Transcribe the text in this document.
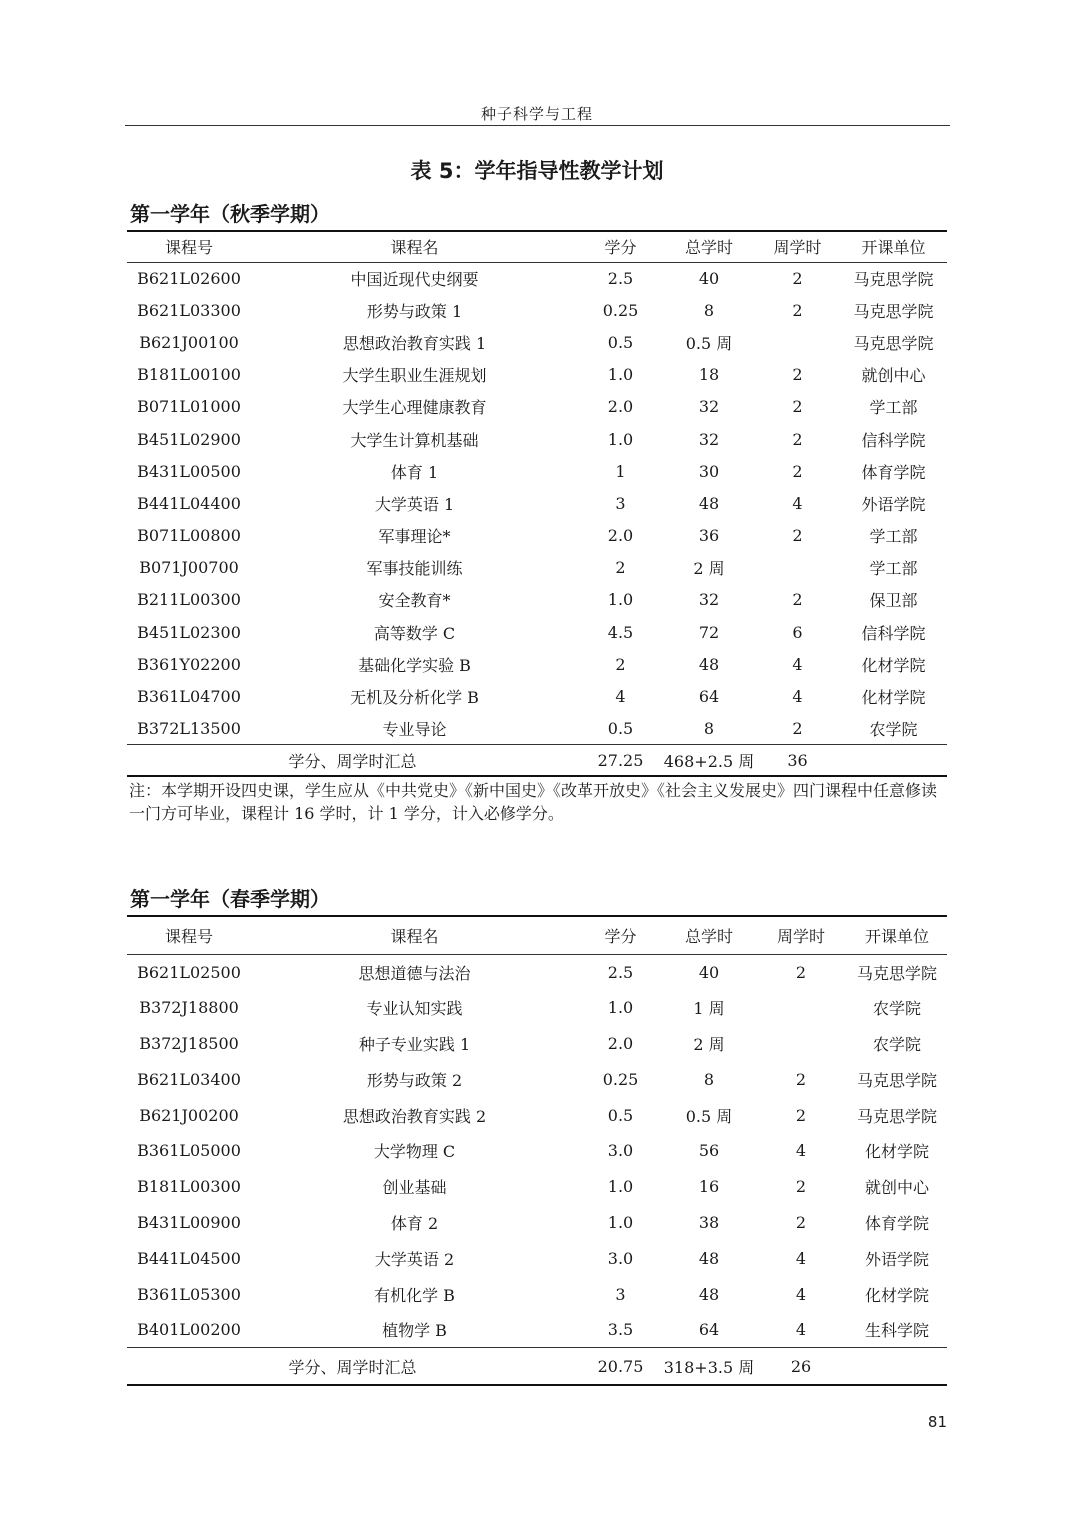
种子科学与工程
表 5：学年指导性教学计划
第一学年（秋季学期）
课程号	课程名	学分	总学时	周学时	开课单位
B621L02600	中国近现代史纲要	2.5	40	2	马克思学院
B621L03300	形势与政策 1	0.25	8	2	马克思学院
B621J00100	思想政治教育实践 1	0.5	0.5 周		马克思学院
B181L00100	大学生职业生涯规划	1.0	18	2	就创中心
B071L01000	大学生心理健康教育	2.0	32	2	学工部
B451L02900	大学生计算机基础	1.0	32	2	信科学院
B431L00500	体育 1	1	30	2	体育学院
B441L04400	大学英语 1	3	48	4	外语学院
B071L00800	军事理论*	2.0	36	2	学工部
B071J00700	军事技能训练	2	2 周		学工部
B211L00300	安全教育*	1.0	32	2	保卫部
B451L02300	高等数学 C	4.5	72	6	信科学院
B361Y02200	基础化学实验 B	2	48	4	化材学院
B361L04700	无机及分析化学 B	4	64	4	化材学院
B372L13500	专业导论	0.5	8	2	农学院
学分、周学时汇总		27.25	468+2.5 周	36	
注：本学期开设四史课，学生应从《中共党史》《新中国史》《改革开放史》《社会主义发展史》四门课程中任意修读一门方可毕业，课程计 16 学时，计 1 学分，计入必修学分。
第一学年（春季学期）
课程号	课程名	学分	总学时	周学时	开课单位
B621L02500	思想道德与法治	2.5	40	2	马克思学院
B372J18800	专业认知实践	1.0	1 周		农学院
B372J18500	种子专业实践 1	2.0	2 周		农学院
B621L03400	形势与政策 2	0.25	8	2	马克思学院
B621J00200	思想政治教育实践 2	0.5	0.5 周	2	马克思学院
B361L05000	大学物理 C	3.0	56	4	化材学院
B181L00300	创业基础	1.0	16	2	就创中心
B431L00900	体育 2	1.0	38	2	体育学院
B441L04500	大学英语 2	3.0	48	4	外语学院
B361L05300	有机化学 B	3	48	4	化材学院
B401L00200	植物学 B	3.5	64	4	生科学院
学分、周学时汇总		20.75	318+3.5 周	26	
81
